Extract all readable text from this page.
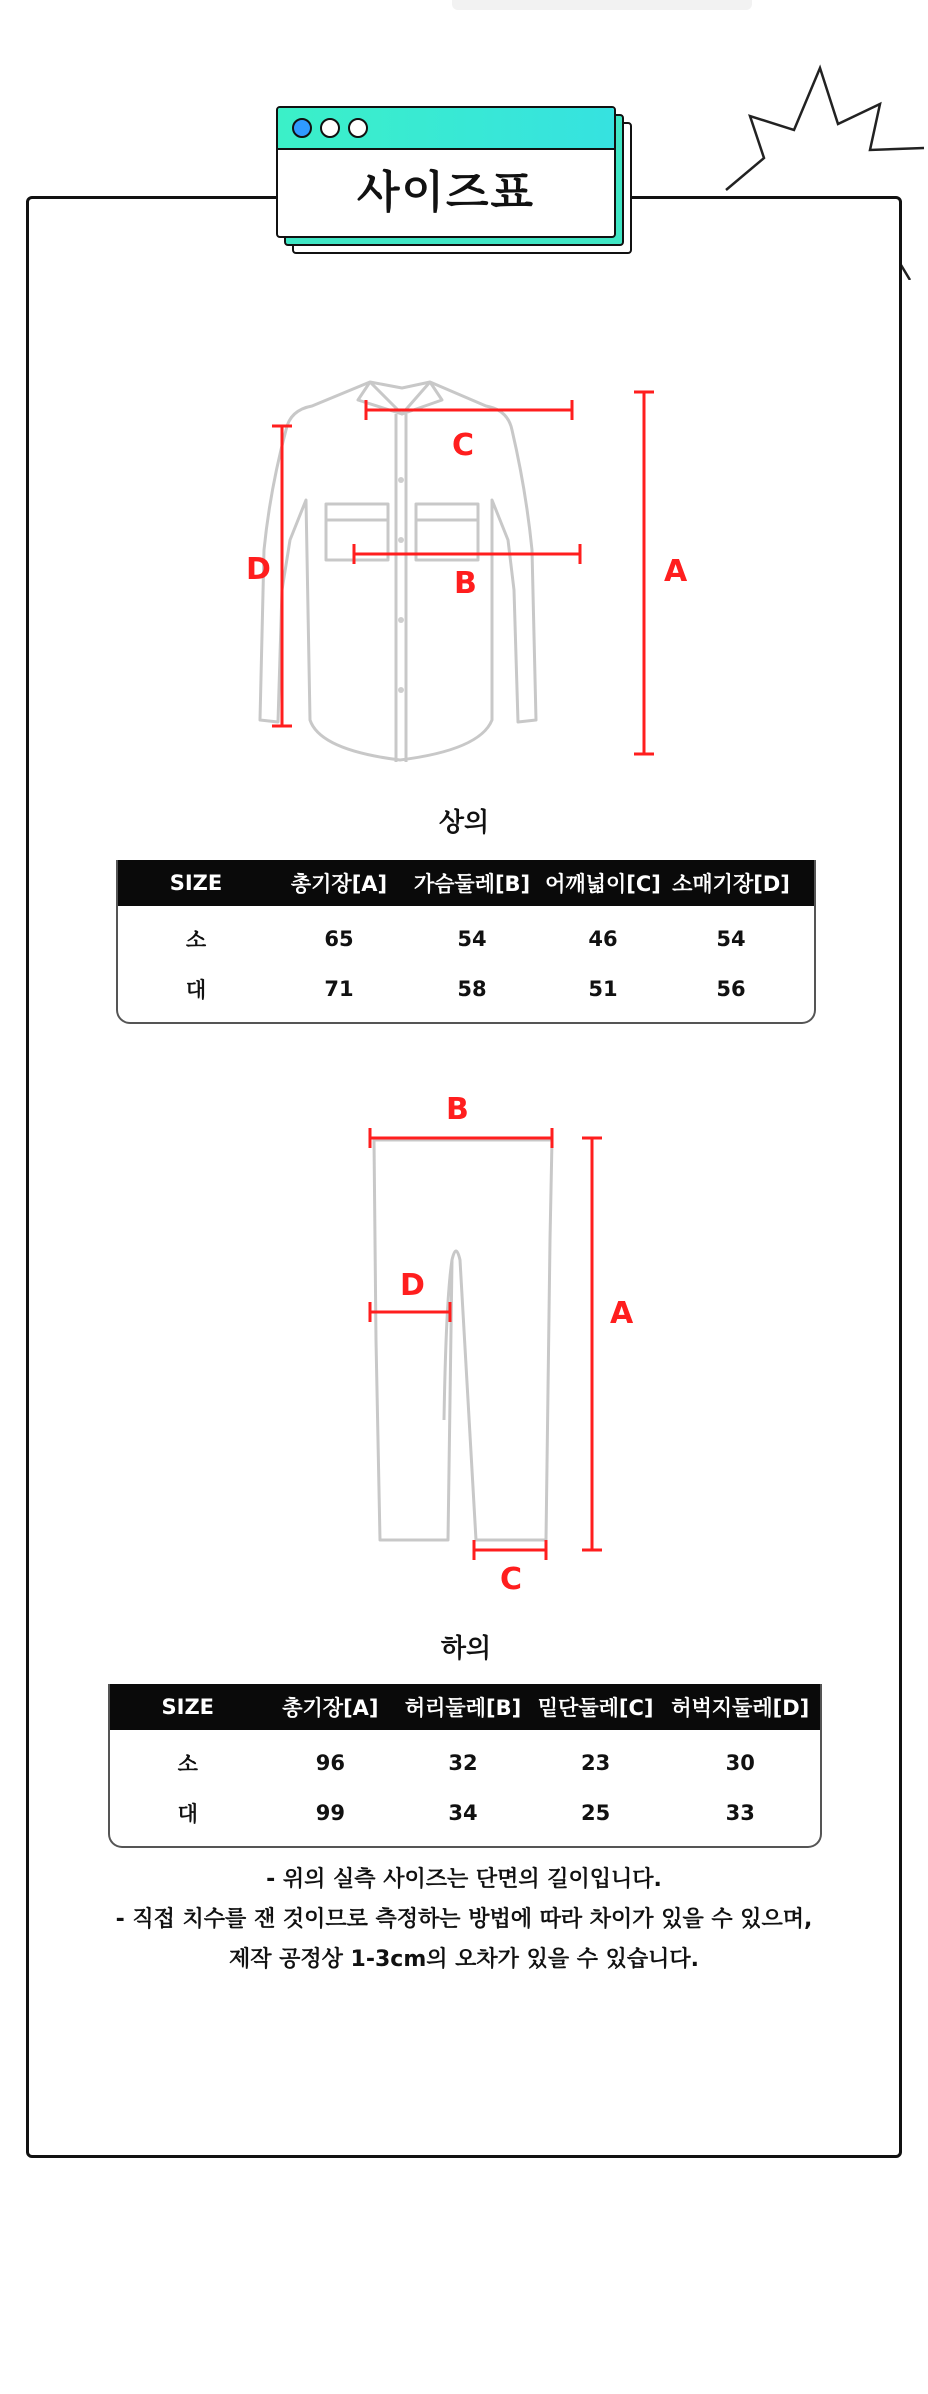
사이즈표
C
B
D	A
상의
SIZE	총기장[A]	가슴둘레[B] 어깨넓이[C] 소매기장[D]
소	65	54	46	54
대	71	58	51	56
B
D
C
A
하의
SIZE	총기장[A]	허리둘레[B] 밑단둘레[C] 허벅지둘레[D]
소	96	32	23	30
대	99	34	25	33
- 위의 실측 사이즈는 단면의 길이입니다.
- 직접 치수를 잰 것이므로 측정하는 방법에 따라 차이가 있을 수 있으며,
제작 공정상 1-3cm의 오차가 있을 수 있습니다.
